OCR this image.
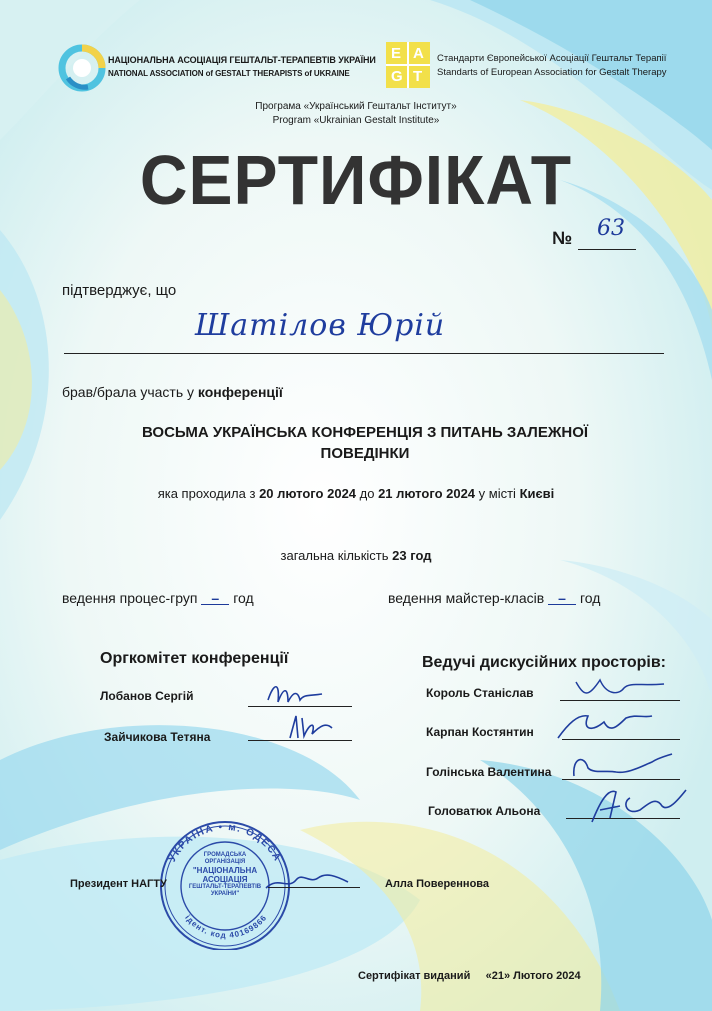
НАЦІОНАЛЬНА АСОЦІАЦІЯ ГЕШТАЛЬТ-ТЕРАПЕВТІВ УКРАЇНИ
NATIONAL ASSOCIATION of GESTALT THERAPISTS of UKRAINE
E A
G T
Стандарти Європейської Асоціації Гештальт Терапії
Standarts of European Association for Gestalt Therapy
Програма «Український Гештальт Інститут»
Program «Ukrainian Gestalt Institute»
СЕРТИФІКАТ
№	63
підтверджує, що
Шатілов Юрій
брав/брала участь у конференції
ВОСЬМА УКРАЇНСЬКА КОНФЕРЕНЦІЯ З ПИТАНЬ ЗАЛЕЖНОЇ
ПОВЕДІНКИ
яка проходила з 20 лютого 2024 до 21 лютого 2024 у місті Києві
загальна кількість 23 год
ведення процес-груп – год	ведення майстер-класів – год
Оргкомітет конференції
Лобанов Сергій
Зайчикова Тетяна
Ведучі дискусійних просторів:
Король Станіслав
Карпан Костянтин
Голінська Валентина
Головатюк Альона
УКРАЇНА • м. ОДЕСА
ідент. код 40169866
ГРОМАДСЬКА
ОРГАНІЗАЦІЯ
"НАЦІОНАЛЬНА
АСОЦІАЦІЯ
ГЕШТАЛЬТ-ТЕРАПЕВТІВ
УКРАЇНИ"
Президент НАГТУ	Алла Повереннова
Сертифікат виданий «21» Лютого 2024
